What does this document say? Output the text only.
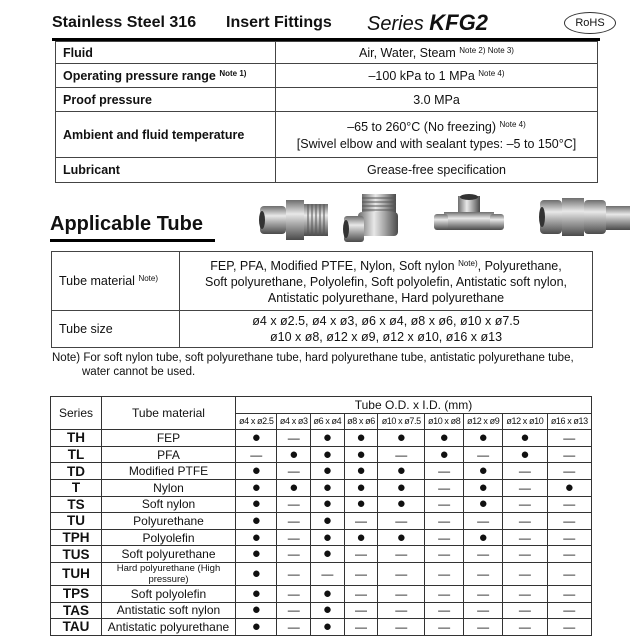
Stainless Steel 316 Insert Fittings Series KFG2	RoHS
Fluid	Air, Water, Steam $^{Note 2) Note 3)}$
Operating pressure range $^{Note 1)}$	–100 kPa to 1 MPa $^{Note 4)}$
Proof pressure	3.0 MPa
Ambient and fluid temperature	–65 to 260°C (No freezing) $^{Note 4)}$
[Swivel elbow and with sealant types: –5 to 150°C]
Lubricant	Grease-free specification
Applicable Tube
Tube material $^{Note)}$	FEP, PFA, Modified PTFE, Nylon, Soft nylon $^{Note)}$, Polyurethane,
Soft polyurethane, Polyolefin, Soft polyolefin, Antistatic soft nylon,
Antistatic polyurethane, Hard polyurethane
Tube size	ø4 x ø2.5, ø4 x ø3, ø6 x ø4, ø8 x ø6, ø10 x ø7.5
ø10 x ø8, ø12 x ø9, ø12 x ø10, ø16 x ø13
Note) For soft nylon tube, soft polyurethane tube, hard polyurethane tube, antistatic polyurethane tube,
water cannot be used.
Series	Tube material	Tube O.D. x I.D. (mm)								
		ø4 x ø2.5	ø4 x ø3	ø6 x ø4	ø8 x ø6	ø10 x ø7.5	ø10 x ø8	ø12 x ø9	ø12 x ø10	ø16 x ø13
TH	FEP	●	—	●	●	●	●	●	●	—
TL	PFA	—	●	●	●	—	●	—	●	—
TD	Modified PTFE	●	—	●	●	●	—	●	—	—
T	Nylon	●	●	●	●	●	—	●	—	●
TS	Soft nylon	●	—	●	●	●	—	●	—	—
TU	Polyurethane	●	—	●	—	—	—	—	—	—
TPH	Polyolefin	●	—	●	●	●	—	●	—	—
TUS	Soft polyurethane	●	—	●	—	—	—	—	—	—
TUH	Hard polyurethane (High pressure)	●	—	—	—	—	—	—	—	—
TPS	Soft polyolefin	●	—	●	—	—	—	—	—	—
TAS	Antistatic soft nylon	●	—	●	—	—	—	—	—	—
TAU	Antistatic polyurethane	●	—	●	—	—	—	—	—	—
